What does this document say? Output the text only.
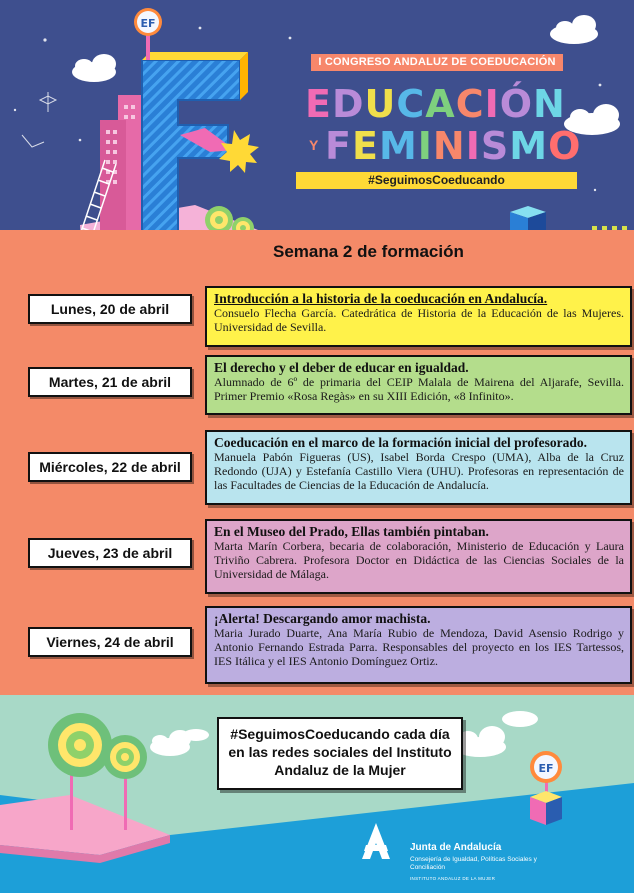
EF
I CONGRESO ANDALUZ DE COEDUCACIÓN
EDUCACIÓN
Y FEMINISMO
#SeguimosCoeducando
Semana 2 de formación
Lunes, 20 de abril
Introducción a la historia de la coeducación en Andalucía.
Consuelo Flecha García. Catedrática de Historia de la Educación de las Mujeres. Universidad de Sevilla.
Martes, 21 de abril
El derecho y el deber de educar en igualdad.
Alumnado de 6º de primaria del CEIP Malala de Mairena del Aljarafe, Sevilla. Primer Premio «Rosa Regàs» en su XIII Edición, «8 Infinito».
Miércoles, 22 de abril
Coeducación en el marco de la formación inicial del profesorado.
Manuela Pabón Figueras (US), Isabel Borda Crespo (UMA), Alba de la Cruz Redondo (UJA) y Estefanía Castillo Viera (UHU). Profesoras en representación de las Facultades de Ciencias de la Educación de Andalucía.
Jueves, 23 de abril
En el Museo del Prado, Ellas también pintaban.
Marta Marín Corbera, becaria de colaboración, Ministerio de Educación y Laura Triviño Cabrera. Profesora Doctor en Didáctica de las Ciencias Sociales de la Universidad de Málaga.
Viernes, 24 de abril
¡Alerta! Descargando amor machista.
Maria Jurado Duarte, Ana María Rubio de Mendoza, David Asensio Rodrigo y Antonio Fernando Estrada Parra. Responsables del proyecto en los IES Tartessos, IES Itálica y el IES Antonio Domínguez Ortiz.
EF
#SeguimosCoeducando cada día en las redes sociales del Instituto Andaluz de la Mujer
Junta de Andalucía
Consejería de Igualdad, Políticas Sociales y Conciliación
INSTITUTO ANDALUZ DE LA MUJER
